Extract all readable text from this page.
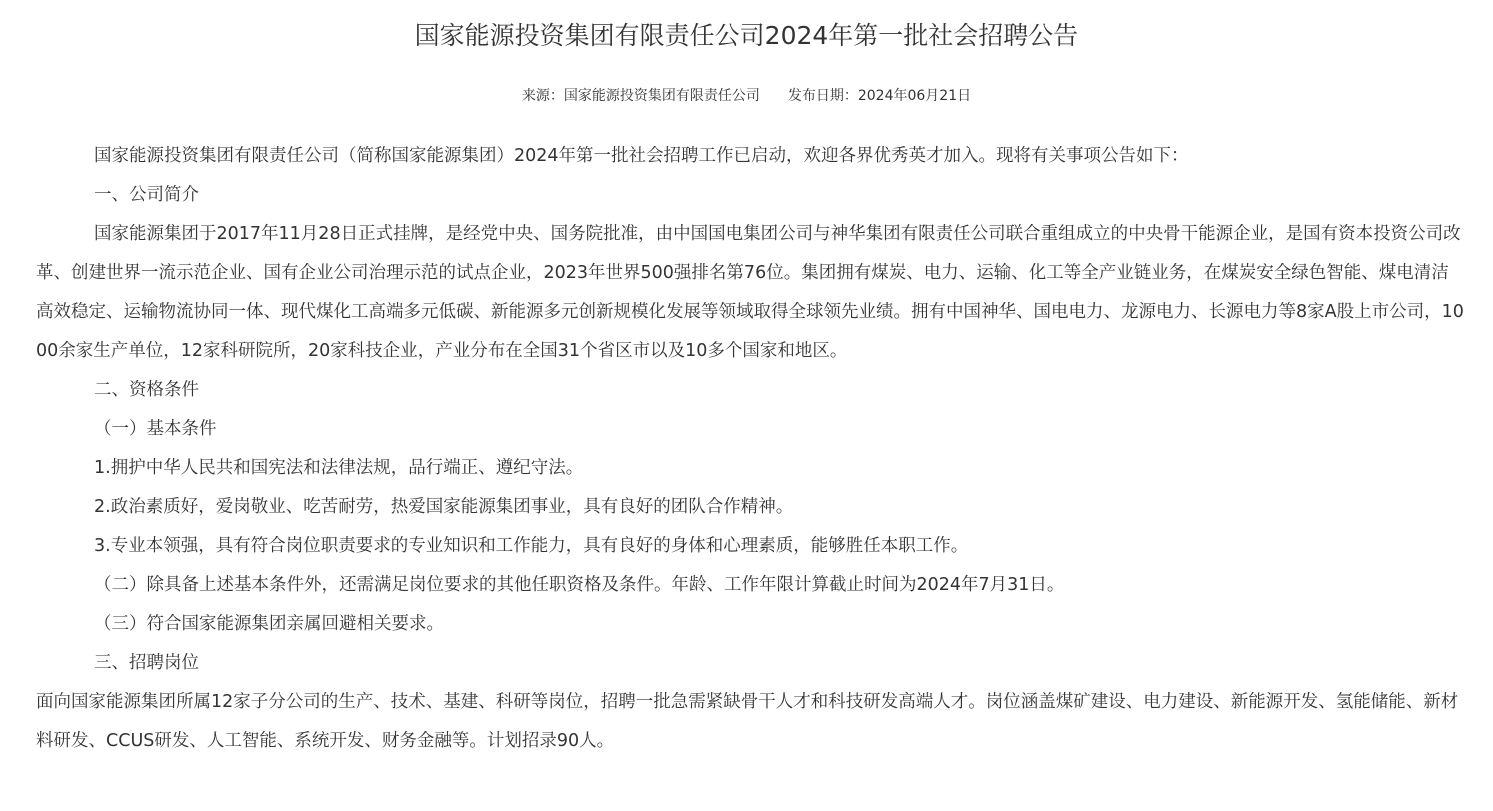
国家能源投资集团有限责任公司2024年第一批社会招聘公告
来源：国家能源投资集团有限责任公司 发布日期：2024年06月21日

国家能源投资集团有限责任公司（简称国家能源集团）2024年第一批社会招聘工作已启动，欢迎各界优秀英才加入。现将有关事项公告如下：

一、公司简介

国家能源集团于2017年11月28日正式挂牌，是经党中央、国务院批准，由中国国电集团公司与神华集团有限责任公司联合重组成立的中央骨干能源企业，是国有资本投资公司改革、创建世界一流示范企业、国有企业公司治理示范的试点企业，2023年世界500强排名第76位。集团拥有煤炭、电力、运输、化工等全产业链业务，在煤炭安全绿色智能、煤电清洁高效稳定、运输物流协同一体、现代煤化工高端多元低碳、新能源多元创新规模化发展等领域取得全球领先业绩。拥有中国神华、国电电力、龙源电力、长源电力等8家A股上市公司，1000余家生产单位，12家科研院所，20家科技企业，产业分布在全国31个省区市以及10多个国家和地区。

二、资格条件

（一）基本条件

1.拥护中华人民共和国宪法和法律法规，品行端正、遵纪守法。

2.政治素质好，爱岗敬业、吃苦耐劳，热爱国家能源集团事业，具有良好的团队合作精神。

3.专业本领强，具有符合岗位职责要求的专业知识和工作能力，具有良好的身体和心理素质，能够胜任本职工作。

（二）除具备上述基本条件外，还需满足岗位要求的其他任职资格及条件。年龄、工作年限计算截止时间为2024年7月31日。

（三）符合国家能源集团亲属回避相关要求。

三、招聘岗位

面向国家能源集团所属12家子分公司的生产、技术、基建、科研等岗位，招聘一批急需紧缺骨干人才和科技研发高端人才。岗位涵盖煤矿建设、电力建设、新能源开发、氢能储能、新材料研发、CCUS研发、人工智能、系统开发、财务金融等。计划招录90人。
